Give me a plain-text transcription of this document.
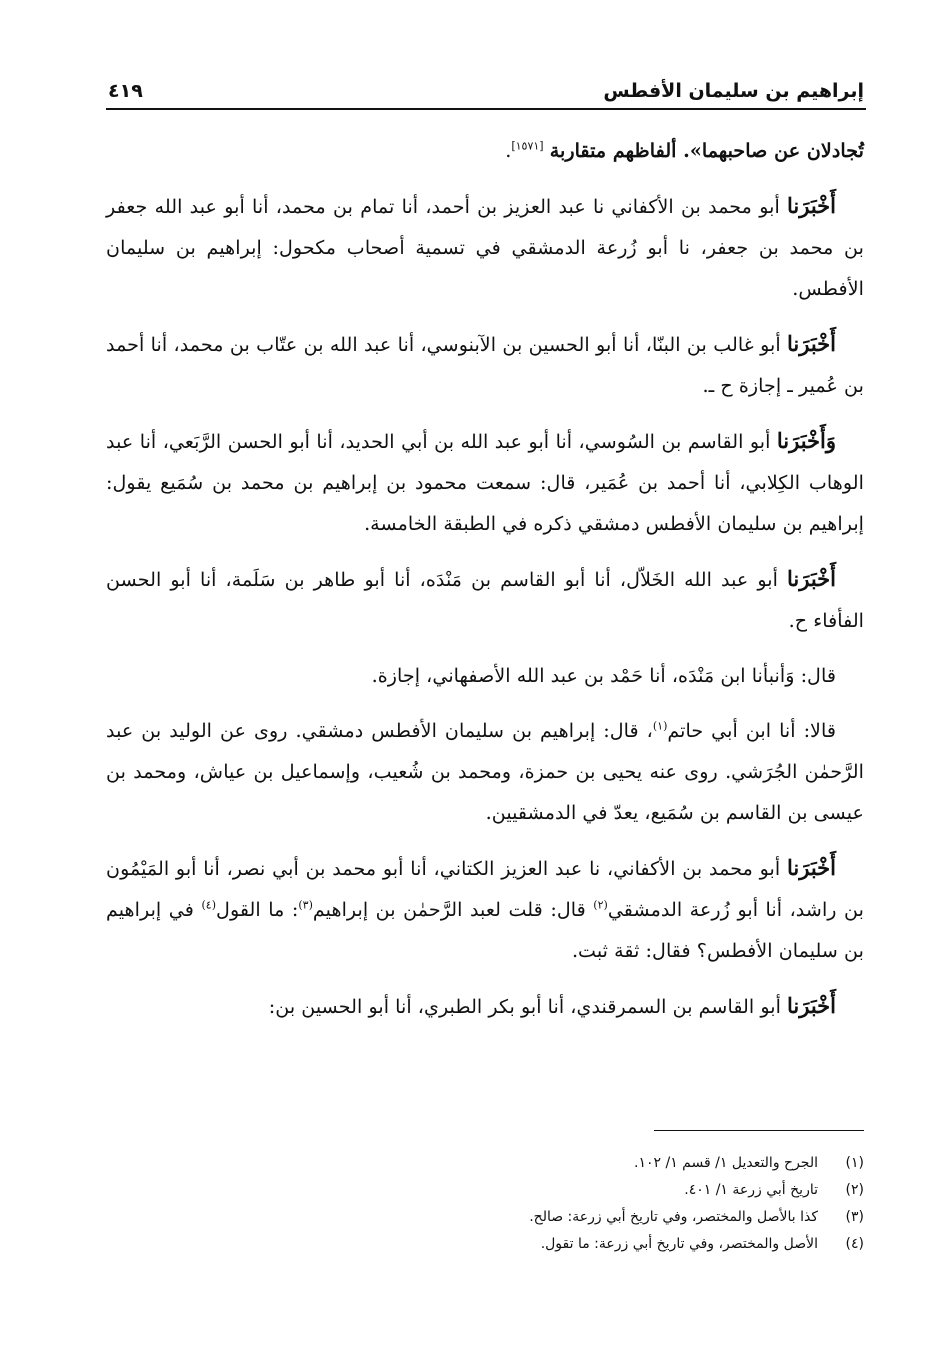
إبراهيم بن سليمان الأفطس
٤١٩

تُجادلان عن صاحبهما». ألفاظهم متقاربة [١٥٧١].

أَخْبَرَنا أبو محمد بن الأكفاني نا عبد العزيز بن أحمد، أنا تمام بن محمد، أنا أبو عبد الله جعفر بن محمد بن جعفر، نا أبو زُرعة الدمشقي في تسمية أصحاب مكحول: إبراهيم بن سليمان الأفطس.

أَخْبَرَنا أبو غالب بن البنّا، أنا أبو الحسين بن الآبنوسي، أنا عبد الله بن عتّاب بن محمد، أنا أحمد بن عُمير ـ إجازة ح ـ.

وَأَخْبَرَنا أبو القاسم بن السُوسي، أنا أبو عبد الله بن أبي الحديد، أنا أبو الحسن الرَّبَعي، أنا عبد الوهاب الكِلابي، أنا أحمد بن عُمَير، قال: سمعت محمود بن إبراهيم بن محمد بن سُمَيع يقول: إبراهيم بن سليمان الأفطس دمشقي ذكره في الطبقة الخامسة.

أَخْبَرَنا أبو عبد الله الخَلاّل، أنا أبو القاسم بن مَنْدَه، أنا أبو طاهر بن سَلَمة، أنا أبو الحسن الفأفاء ح.

قال: وَأنبأنا ابن مَنْدَه، أنا حَمْد بن عبد الله الأصفهاني، إجازة.

قالا: أنا ابن أبي حاتم$^{(١)}$، قال: إبراهيم بن سليمان الأفطس دمشقي. روى عن الوليد بن عبد الرَّحمٰن الجُرَشي. روى عنه يحيى بن حمزة، ومحمد بن شُعيب، وإسماعيل بن عياش، ومحمد بن عيسى بن القاسم بن سُمَيع، يعدّ في الدمشقيين.

أَخْبَرَنا أبو محمد بن الأكفاني، نا عبد العزيز الكتاني، أنا أبو محمد بن أبي نصر، أنا أبو المَيْمُون بن راشد، أنا أبو زُرعة الدمشقي$^{(٢)}$ قال: قلت لعبد الرَّحمٰن بن إبراهيم$^{(٣)}$: ما القول$^{(٤)}$ في إبراهيم بن سليمان الأفطس؟ فقال: ثقة ثبت.

أَخْبَرَنا أبو القاسم بن السمرقندي، أنا أبو بكر الطبري، أنا أبو الحسين بن:

(١)
الجرح والتعديل ١/ قسم ١/ ١٠٢.
(٢)
تاريخ أبي زرعة ١/ ٤٠١.
(٣)
كذا بالأصل والمختصر، وفي تاريخ أبي زرعة: صالح.
(٤)
الأصل والمختصر، وفي تاريخ أبي زرعة: ما تقول.
